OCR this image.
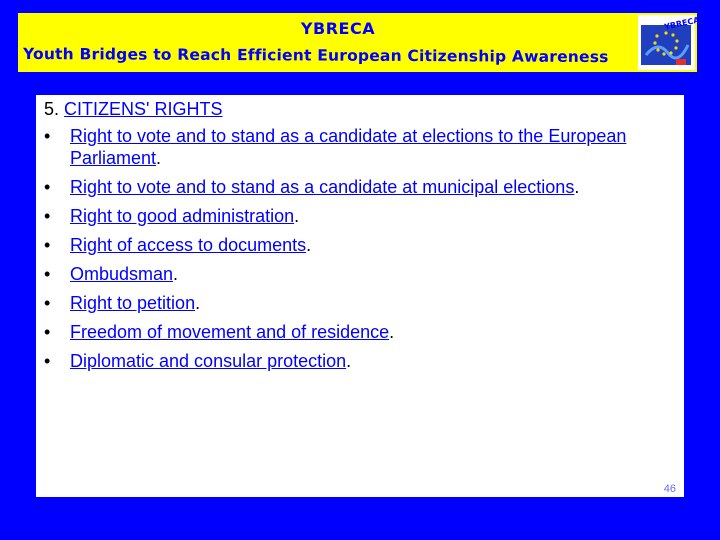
YBRECA
Youth Bridges to Reach Efficient European Citizenship Awareness
YBRECA
5. CITIZENS' RIGHTS
• Right to vote and to stand as a candidate at elections to the European Parliament.
• Right to vote and to stand as a candidate at municipal elections.
• Right to good administration.
• Right of access to documents.
• Ombudsman.
• Right to petition.
• Freedom of movement and of residence.
• Diplomatic and consular protection.
46
